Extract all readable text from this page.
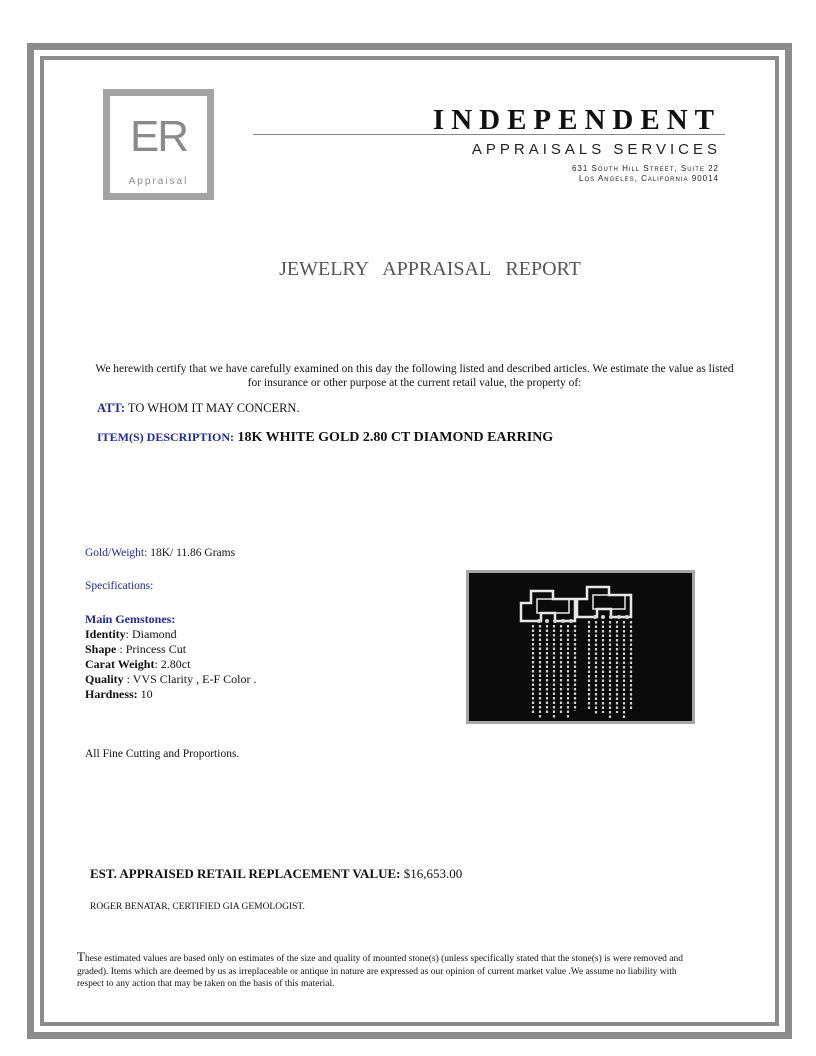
ER
Appraisal
INDEPENDENT
APPRAISALS SERVICES
631 South Hill Street, Suite 22
Los Angeles, California 90014
JEWELRY APPRAISAL REPORT
We herewith certify that we have carefully examined on this day the following listed and described articles. We estimate the value as listed for insurance or other purpose at the current retail value, the property of:
ATT: TO WHOM IT MAY CONCERN.
ITEM(S) DESCRIPTION: 18K WHITE GOLD 2.80 CT DIAMOND EARRING
Gold/Weight: 18K/ 11.86 Grams
Specifications:
Main Gemstones:
Identity: Diamond
Shape : Princess Cut
Carat Weight: 2.80ct
Quality : VVS Clarity , E-F Color .
Hardness: 10
All Fine Cutting and Proportions.
EST. APPRAISED RETAIL REPLACEMENT VALUE: $16,653.00
ROGER BENATAR, CERTIFIED GIA GEMOLOGIST.
These estimated values are based only on estimates of the size and quality of mounted stone(s) (unless specifically stated that the stone(s) is were removed and graded). Items which are deemed by us as irreplaceable or antique in nature are expressed as our opinion of current market value .We assume no liability with respect to any action that may be taken on the basis of this material.
